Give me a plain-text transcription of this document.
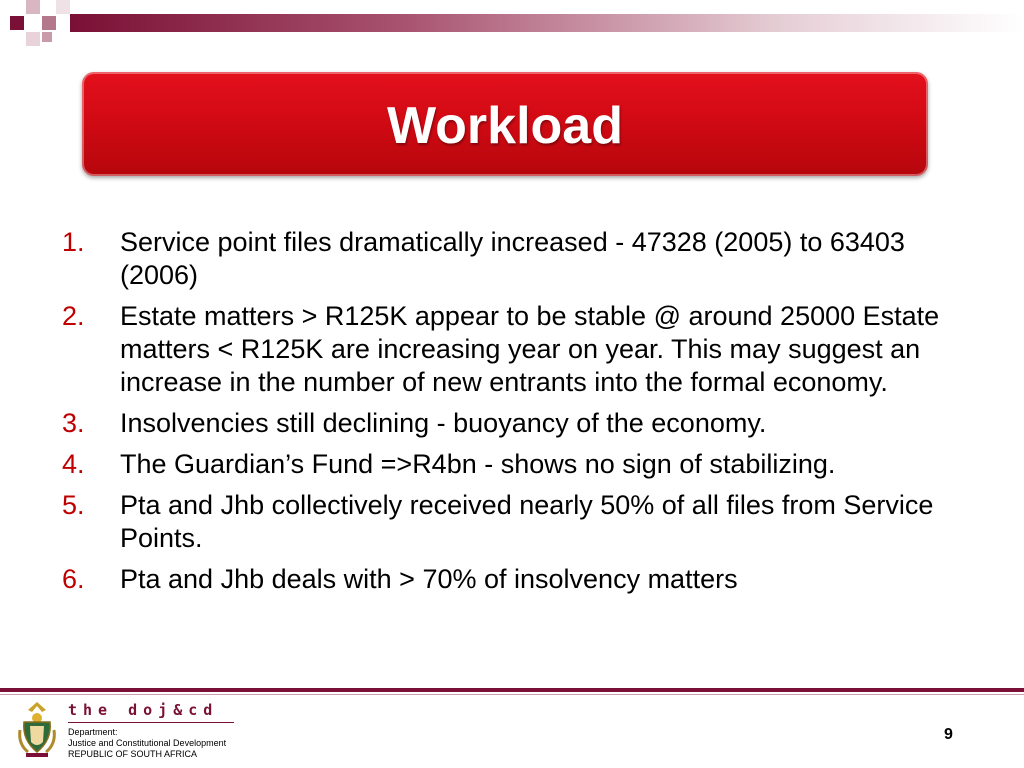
Workload
1. Service point files dramatically increased - 47328 (2005) to 63403 (2006)
2. Estate matters > R125K appear to be stable @ around 25000 Estate matters < R125K are increasing year on year. This may suggest an increase in the number of new entrants into the formal economy.
3. Insolvencies still declining - buoyancy of the economy.
4. The Guardian’s Fund =>R4bn - shows no sign of stabilizing.
5. Pta and Jhb collectively received nearly 50% of all files from Service Points.
6. Pta and Jhb deals with > 70% of insolvency matters
the doj&cd
Department:
Justice and Constitutional Development
REPUBLIC OF SOUTH AFRICA
9
